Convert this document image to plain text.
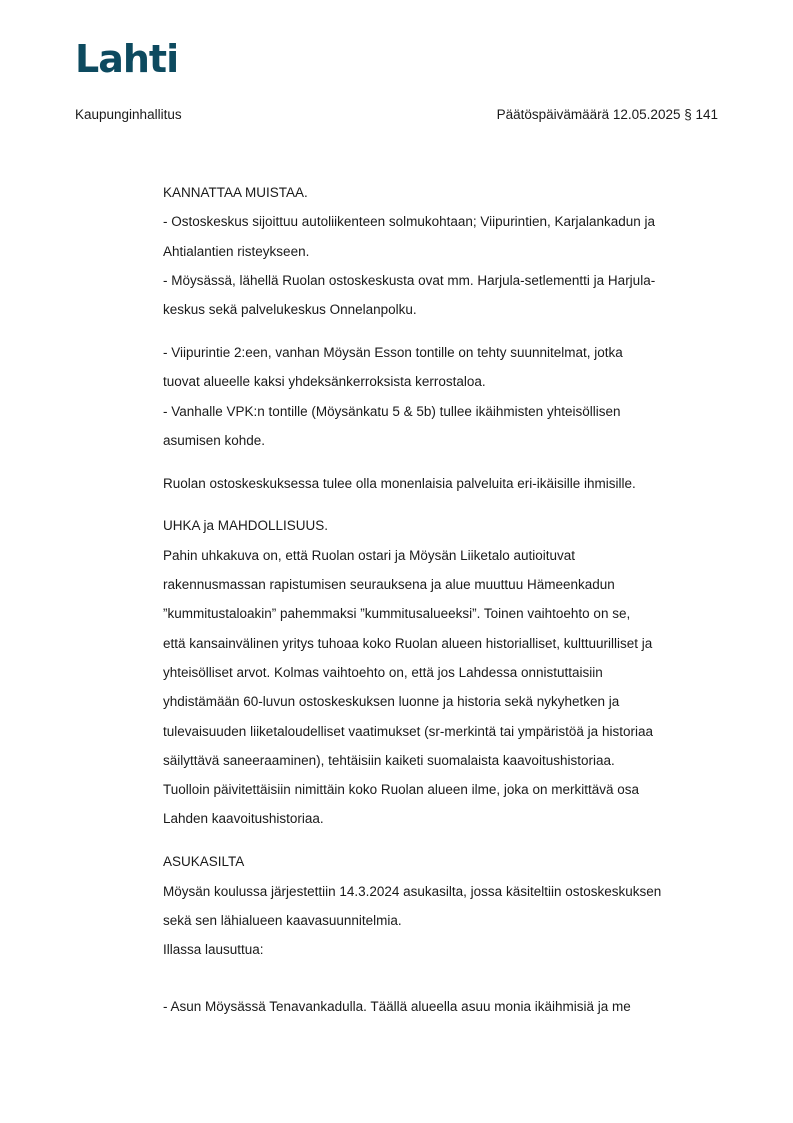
Lahti
Kaupunginhallitus	Päätöspäivämäärä 12.05.2025 § 141

KANNATTAA MUISTAA.

- Ostoskeskus sijoittuu autoliikenteen solmukohtaan; Viipurintien, Karjalankadun ja

Ahtialantien risteykseen.

- Möysässä, lähellä Ruolan ostoskeskusta ovat mm. Harjula-setlementti ja Harjula-

keskus sekä palvelukeskus Onnelanpolku.

- Viipurintie 2:een, vanhan Möysän Esson tontille on tehty suunnitelmat, jotka

tuovat alueelle kaksi yhdeksänkerroksista kerrostaloa.

- Vanhalle VPK:n tontille (Möysänkatu 5 & 5b) tullee ikäihmisten yhteisöllisen

asumisen kohde.

Ruolan ostoskeskuksessa tulee olla monenlaisia palveluita eri-ikäisille ihmisille.

UHKA ja MAHDOLLISUUS.

Pahin uhkakuva on, että Ruolan ostari ja Möysän Liiketalo autioituvat

rakennusmassan rapistumisen seurauksena ja alue muuttuu Hämeenkadun

”kummitustaloakin” pahemmaksi ”kummitusalueeksi”. Toinen vaihtoehto on se,

että kansainvälinen yritys tuhoaa koko Ruolan alueen historialliset, kulttuurilliset ja

yhteisölliset arvot. Kolmas vaihtoehto on, että jos Lahdessa onnistuttaisiin

yhdistämään 60-luvun ostoskeskuksen luonne ja historia sekä nykyhetken ja

tulevaisuuden liiketaloudelliset vaatimukset (sr-merkintä tai ympäristöä ja historiaa

säilyttävä saneeraaminen), tehtäisiin kaiketi suomalaista kaavoitushistoriaa.

Tuolloin päivitettäisiin nimittäin koko Ruolan alueen ilme, joka on merkittävä osa

Lahden kaavoitushistoriaa.

ASUKASILTA

Möysän koulussa järjestettiin 14.3.2024 asukasilta, jossa käsiteltiin ostoskeskuksen

sekä sen lähialueen kaavasuunnitelmia.

Illassa lausuttua:

- Asun Möysässä Tenavankadulla. Täällä alueella asuu monia ikäihmisiä ja me
